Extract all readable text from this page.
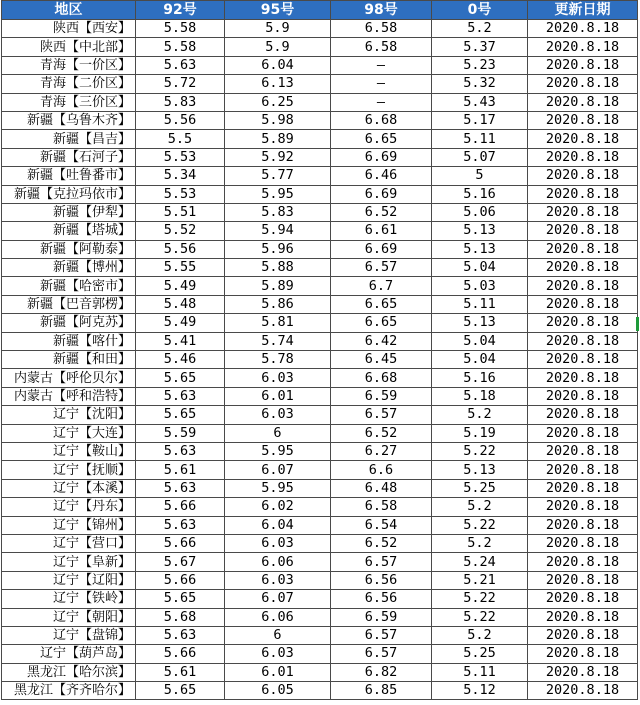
地区	92号	95号	98号	0号	更新日期
陕西【西安】	5.58	5.9	6.58	5.2	2020.8.18
陕西【中北部】	5.58	5.9	6.58	5.37	2020.8.18
青海【一价区】	5.63	6.04	—	5.23	2020.8.18
青海【二价区】	5.72	6.13	—	5.32	2020.8.18
青海【三价区】	5.83	6.25	—	5.43	2020.8.18
新疆【乌鲁木齐】	5.56	5.98	6.68	5.17	2020.8.18
新疆【昌吉】	5.5	5.89	6.65	5.11	2020.8.18
新疆【石河子】	5.53	5.92	6.69	5.07	2020.8.18
新疆【吐鲁番市】	5.34	5.77	6.46	5	2020.8.18
新疆【克拉玛依市】	5.53	5.95	6.69	5.16	2020.8.18
新疆【伊犁】	5.51	5.83	6.52	5.06	2020.8.18
新疆【塔城】	5.52	5.94	6.61	5.13	2020.8.18
新疆【阿勒泰】	5.56	5.96	6.69	5.13	2020.8.18
新疆【博州】	5.55	5.88	6.57	5.04	2020.8.18
新疆【哈密市】	5.49	5.89	6.7	5.03	2020.8.18
新疆【巴音郭楞】	5.48	5.86	6.65	5.11	2020.8.18
新疆【阿克苏】	5.49	5.81	6.65	5.13	2020.8.18
新疆【喀什】	5.41	5.74	6.42	5.04	2020.8.18
新疆【和田】	5.46	5.78	6.45	5.04	2020.8.18
内蒙古【呼伦贝尔】	5.65	6.03	6.68	5.16	2020.8.18
内蒙古【呼和浩特】	5.63	6.01	6.59	5.18	2020.8.18
辽宁【沈阳】	5.65	6.03	6.57	5.2	2020.8.18
辽宁【大连】	5.59	6	6.52	5.19	2020.8.18
辽宁【鞍山】	5.63	5.95	6.27	5.22	2020.8.18
辽宁【抚顺】	5.61	6.07	6.6	5.13	2020.8.18
辽宁【本溪】	5.63	5.95	6.48	5.25	2020.8.18
辽宁【丹东】	5.66	6.02	6.58	5.2	2020.8.18
辽宁【锦州】	5.63	6.04	6.54	5.22	2020.8.18
辽宁【营口】	5.66	6.03	6.52	5.2	2020.8.18
辽宁【阜新】	5.67	6.06	6.57	5.24	2020.8.18
辽宁【辽阳】	5.66	6.03	6.56	5.21	2020.8.18
辽宁【铁岭】	5.65	6.07	6.56	5.22	2020.8.18
辽宁【朝阳】	5.68	6.06	6.59	5.22	2020.8.18
辽宁【盘锦】	5.63	6	6.57	5.2	2020.8.18
辽宁【葫芦岛】	5.66	6.03	6.57	5.25	2020.8.18
黑龙江【哈尔滨】	5.61	6.01	6.82	5.11	2020.8.18
黑龙江【齐齐哈尔】	5.65	6.05	6.85	5.12	2020.8.18
